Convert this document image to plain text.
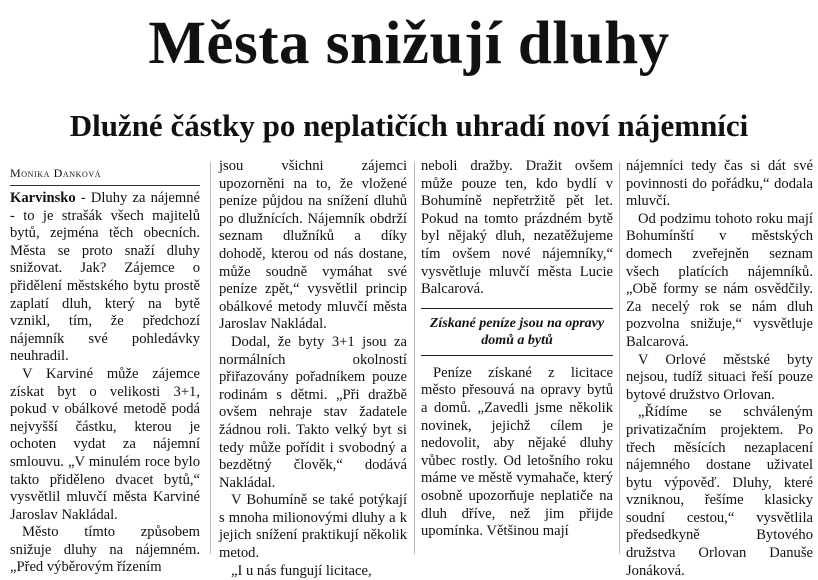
Města snižují dluhy
Dlužné částky po neplatičích uhradí noví nájemníci
Monika Danková

Karvinsko - Dluhy za nájemné - to je strašák všech majitelů bytů, zejména těch obecních. Města se proto snaží dluhy snižovat. Jak? Zájemce o přidělení městského bytu prostě zaplatí dluh, který na bytě vznikl, tím, že předchozí nájemník své pohledávky neuhradil.

V Karviné může zájemce získat byt o velikosti 3+1, pokud v obálkové metodě podá nejvyšší částku, kterou je ochoten vydat za nájemní smlouvu. „V minulém roce bylo takto přiděleno dvacet bytů,“ vysvětlil mluvčí města Karviné Jaroslav Nakládal.

Město tímto způsobem snižuje dluhy na nájemném. „Před výběrovým řízením

jsou všichni zájemci upozorněni na to, že vložené peníze půjdou na snížení dluhů po dlužnících. Nájemník obdrží seznam dlužníků a díky dohodě, kterou od nás dostane, může soudně vymáhat své peníze zpět,“ vysvětlil princip obálkové metody mluvčí města Jaroslav Nakládal.

Dodal, že byty 3+1 jsou za normálních okolností přiřazovány pořadníkem pouze rodinám s dětmi. „Při dražbě ovšem nehraje stav žadatele žádnou roli. Takto velký byt si tedy může pořídit i svobodný a bezdětný člověk,“ dodává Nakládal.

V Bohumíně se také potýkají s mnoha milionovými dluhy a k jejich snížení praktikují několik metod.

„I u nás fungují licitace,

neboli dražby. Dražit ovšem může pouze ten, kdo bydlí v Bohumíně nepřetržitě pět let. Pokud na tomto prázdném bytě byl nějaký dluh, nezatěžujeme tím ovšem nové nájemníky,“ vysvětluje mluvčí města Lucie Balcarová.

Získané peníze jsou na opravy domů a bytů

Peníze získané z licitace město přesouvá na opravy bytů a domů. „Zavedli jsme několik novinek, jejichž cílem je nedovolit, aby nějaké dluhy vůbec rostly. Od letošního roku máme ve městě vymahače, který osobně upozorňuje neplatiče na dluh dříve, než jim přijde upomínka. Většinou mají

nájemníci tedy čas si dát své povinnosti do pořádku,“ dodala mluvčí.

Od podzimu tohoto roku mají Bohumínští v městských domech zveřejněn seznam všech platících nájemníků. „Obě formy se nám osvědčily. Za necelý rok se nám dluh pozvolna snižuje,“ vysvětluje Balcarová.

V Orlové městské byty nejsou, tudíž situaci řeší pouze bytové družstvo Orlovan.

„Řídíme se schváleným privatizačním projektem. Po třech měsících nezaplacení nájemného dostane uživatel bytu výpověď. Dluhy, které vzniknou, řešíme klasicky soudní cestou,“ vysvětlila předsedkyně Bytového družstva Orlovan Danuše Jonáková.
